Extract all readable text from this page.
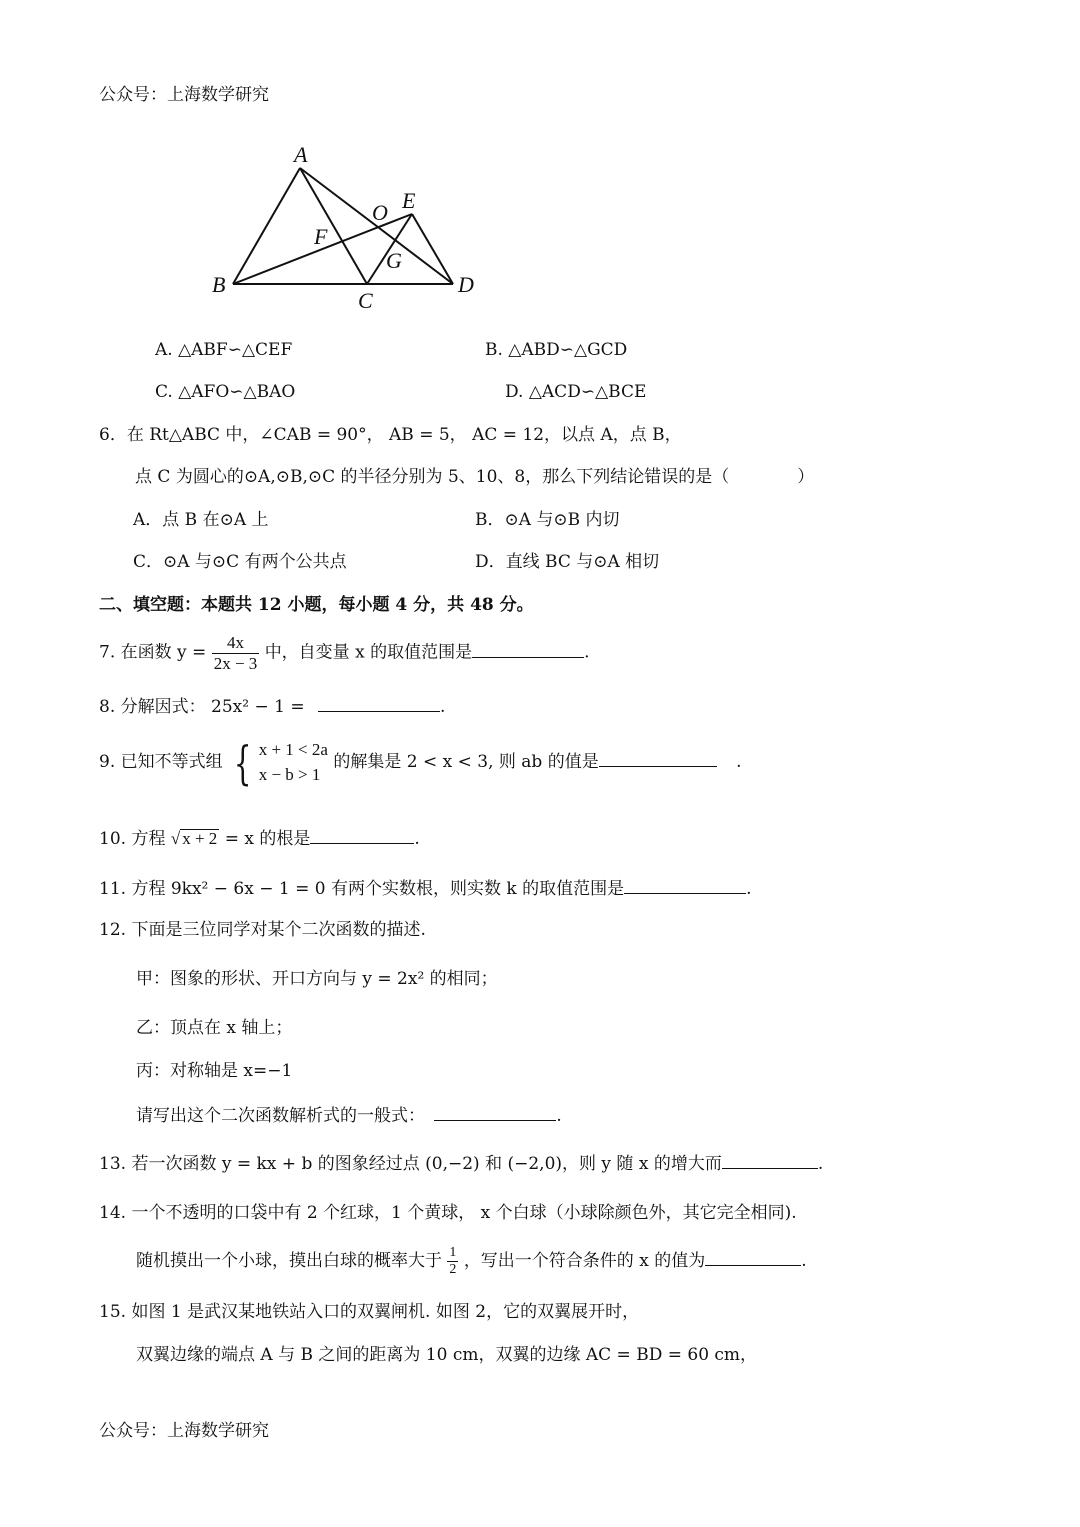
公众号：上海数学研究
A
B
C
D
E
F
G
O
A. △ABF∽△CEF	B. △ABD∽△GCD
C. △AFO∽△BAO	D. △ACD∽△BCE
6．在 Rt△ABC 中，∠CAB = 90°， AB = 5， AC = 12，以点 A，点 B，
点 C 为圆心的⊙A,⊙B,⊙C 的半径分别为 5、10、8，那么下列结论错误的是（　　　　）
A．点 B 在⊙A 上	B．⊙A 与⊙B 内切
C．⊙A 与⊙C 有两个公共点	D．直线 BC 与⊙A 相切
二、填空题：本题共 12 小题，每小题 4 分，共 48 分。
7. 在函数 $y = \frac{4x}{2x - 3}$ 中，自变量 x 的取值范围是	.
8. 分解因式： 25x² − 1 =	.
9. 已知不等式组 { x + 1 < 2a
x − b > 1
的解集是 2 < x < 3, 则 ab 的值是	.
10. 方程 √ x + 2 = x 的根是	.
11. 方程 9kx² − 6x − 1 = 0 有两个实数根，则实数 k 的取值范围是	.
12. 下面是三位同学对某个二次函数的描述.
甲：图象的形状、开口方向与 y = 2x² 的相同；
乙：顶点在 x 轴上；
丙：对称轴是 x=−1
请写出这个二次函数解析式的一般式：	.
13. 若一次函数 y = kx + b 的图象经过点 (0,−2) 和 (−2,0)，则 y 随 x 的增大而	.
14. 一个不透明的口袋中有 2 个红球，1 个黄球， x 个白球（小球除颜色外，其它完全相同).
随机摸出一个小球，摸出白球的概率大于 $\frac{1}{2}$ ，写出一个符合条件的 x 的值为	.
15. 如图 1 是武汉某地铁站入口的双翼闸机. 如图 2，它的双翼展开时，
双翼边缘的端点 A 与 B 之间的距离为 10 cm，双翼的边缘 AC = BD = 60 cm，
公众号：上海数学研究
